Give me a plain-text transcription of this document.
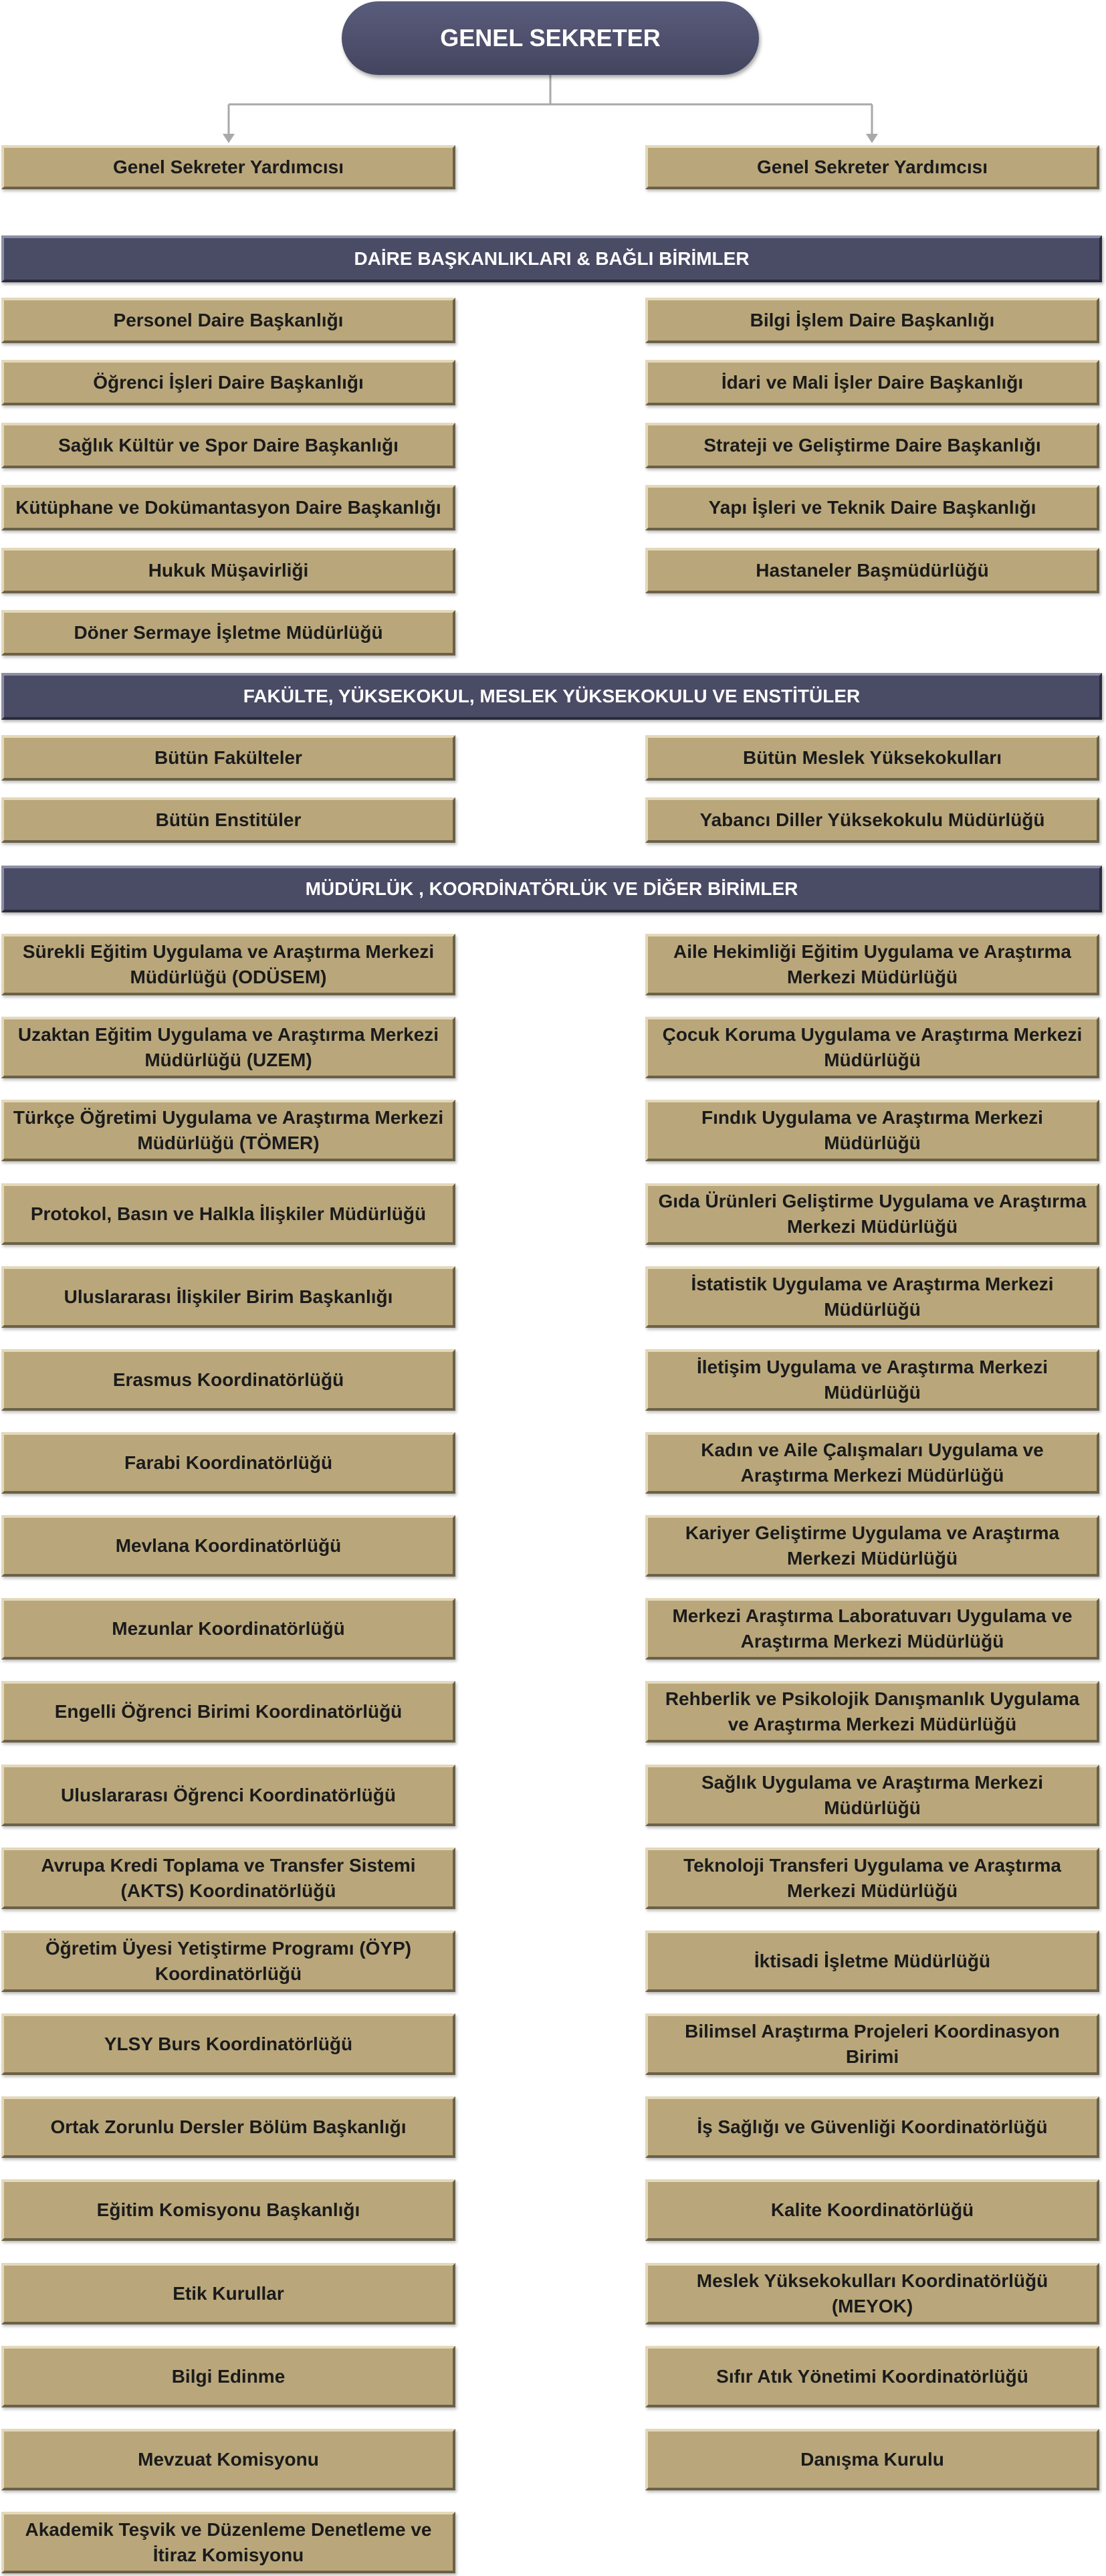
GENEL SEKRETER
Genel Sekreter Yardımcısı	Genel Sekreter Yardımcısı
DAİRE BAŞKANLIKLARI & BAĞLI BİRİMLER
Personel Daire Başkanlığı
Öğrenci İşleri Daire Başkanlığı
Sağlık Kültür ve Spor Daire Başkanlığı
Kütüphane ve Dokümantasyon Daire Başkanlığı
Hukuk Müşavirliği
Döner Sermaye İşletme Müdürlüğü
Bilgi İşlem Daire Başkanlığı
İdari ve Mali İşler Daire Başkanlığı
Strateji ve Geliştirme Daire Başkanlığı
Yapı İşleri ve Teknik Daire Başkanlığı
Hastaneler Başmüdürlüğü
FAKÜLTE, YÜKSEKOKUL, MESLEK YÜKSEKOKULU VE ENSTİTÜLER
Bütün Fakülteler
Bütün Enstitüler
Bütün Meslek Yüksekokulları
Yabancı Diller Yüksekokulu Müdürlüğü
MÜDÜRLÜK , KOORDİNATÖRLÜK VE DİĞER BİRİMLER
Sürekli Eğitim Uygulama ve Araştırma Merkezi Müdürlüğü (ODÜSEM)
Uzaktan Eğitim Uygulama ve Araştırma Merkezi Müdürlüğü (UZEM)
Türkçe Öğretimi Uygulama ve Araştırma Merkezi Müdürlüğü (TÖMER)
Protokol, Basın ve Halkla İlişkiler Müdürlüğü
Uluslararası İlişkiler Birim Başkanlığı
Erasmus Koordinatörlüğü
Farabi Koordinatörlüğü
Mevlana Koordinatörlüğü
Mezunlar Koordinatörlüğü
Engelli Öğrenci Birimi Koordinatörlüğü
Uluslararası Öğrenci Koordinatörlüğü
Avrupa Kredi Toplama ve Transfer Sistemi (AKTS) Koordinatörlüğü
Öğretim Üyesi Yetiştirme Programı (ÖYP) Koordinatörlüğü
YLSY Burs Koordinatörlüğü
Ortak Zorunlu Dersler Bölüm Başkanlığı
Eğitim Komisyonu Başkanlığı
Etik Kurullar
Bilgi Edinme
Mevzuat Komisyonu
Akademik Teşvik ve Düzenleme Denetleme ve İtiraz Komisyonu
Aile Hekimliği Eğitim Uygulama ve Araştırma Merkezi Müdürlüğü
Çocuk Koruma Uygulama ve Araştırma Merkezi Müdürlüğü
Fındık Uygulama ve Araştırma Merkezi Müdürlüğü
Gıda Ürünleri Geliştirme Uygulama ve Araştırma Merkezi Müdürlüğü
İstatistik Uygulama ve Araştırma Merkezi Müdürlüğü
İletişim Uygulama ve Araştırma Merkezi Müdürlüğü
Kadın ve Aile Çalışmaları Uygulama ve Araştırma Merkezi Müdürlüğü
Kariyer Geliştirme Uygulama ve Araştırma Merkezi Müdürlüğü
Merkezi Araştırma Laboratuvarı Uygulama ve Araştırma Merkezi Müdürlüğü
Rehberlik ve Psikolojik Danışmanlık Uygulama ve Araştırma Merkezi Müdürlüğü
Sağlık Uygulama ve Araştırma Merkezi Müdürlüğü
Teknoloji Transferi Uygulama ve Araştırma Merkezi Müdürlüğü
İktisadi İşletme Müdürlüğü
Bilimsel Araştırma Projeleri Koordinasyon Birimi
İş Sağlığı ve Güvenliği Koordinatörlüğü
Kalite Koordinatörlüğü
Meslek Yüksekokulları Koordinatörlüğü (MEYOK)
Sıfır Atık Yönetimi Koordinatörlüğü
Danışma Kurulu
